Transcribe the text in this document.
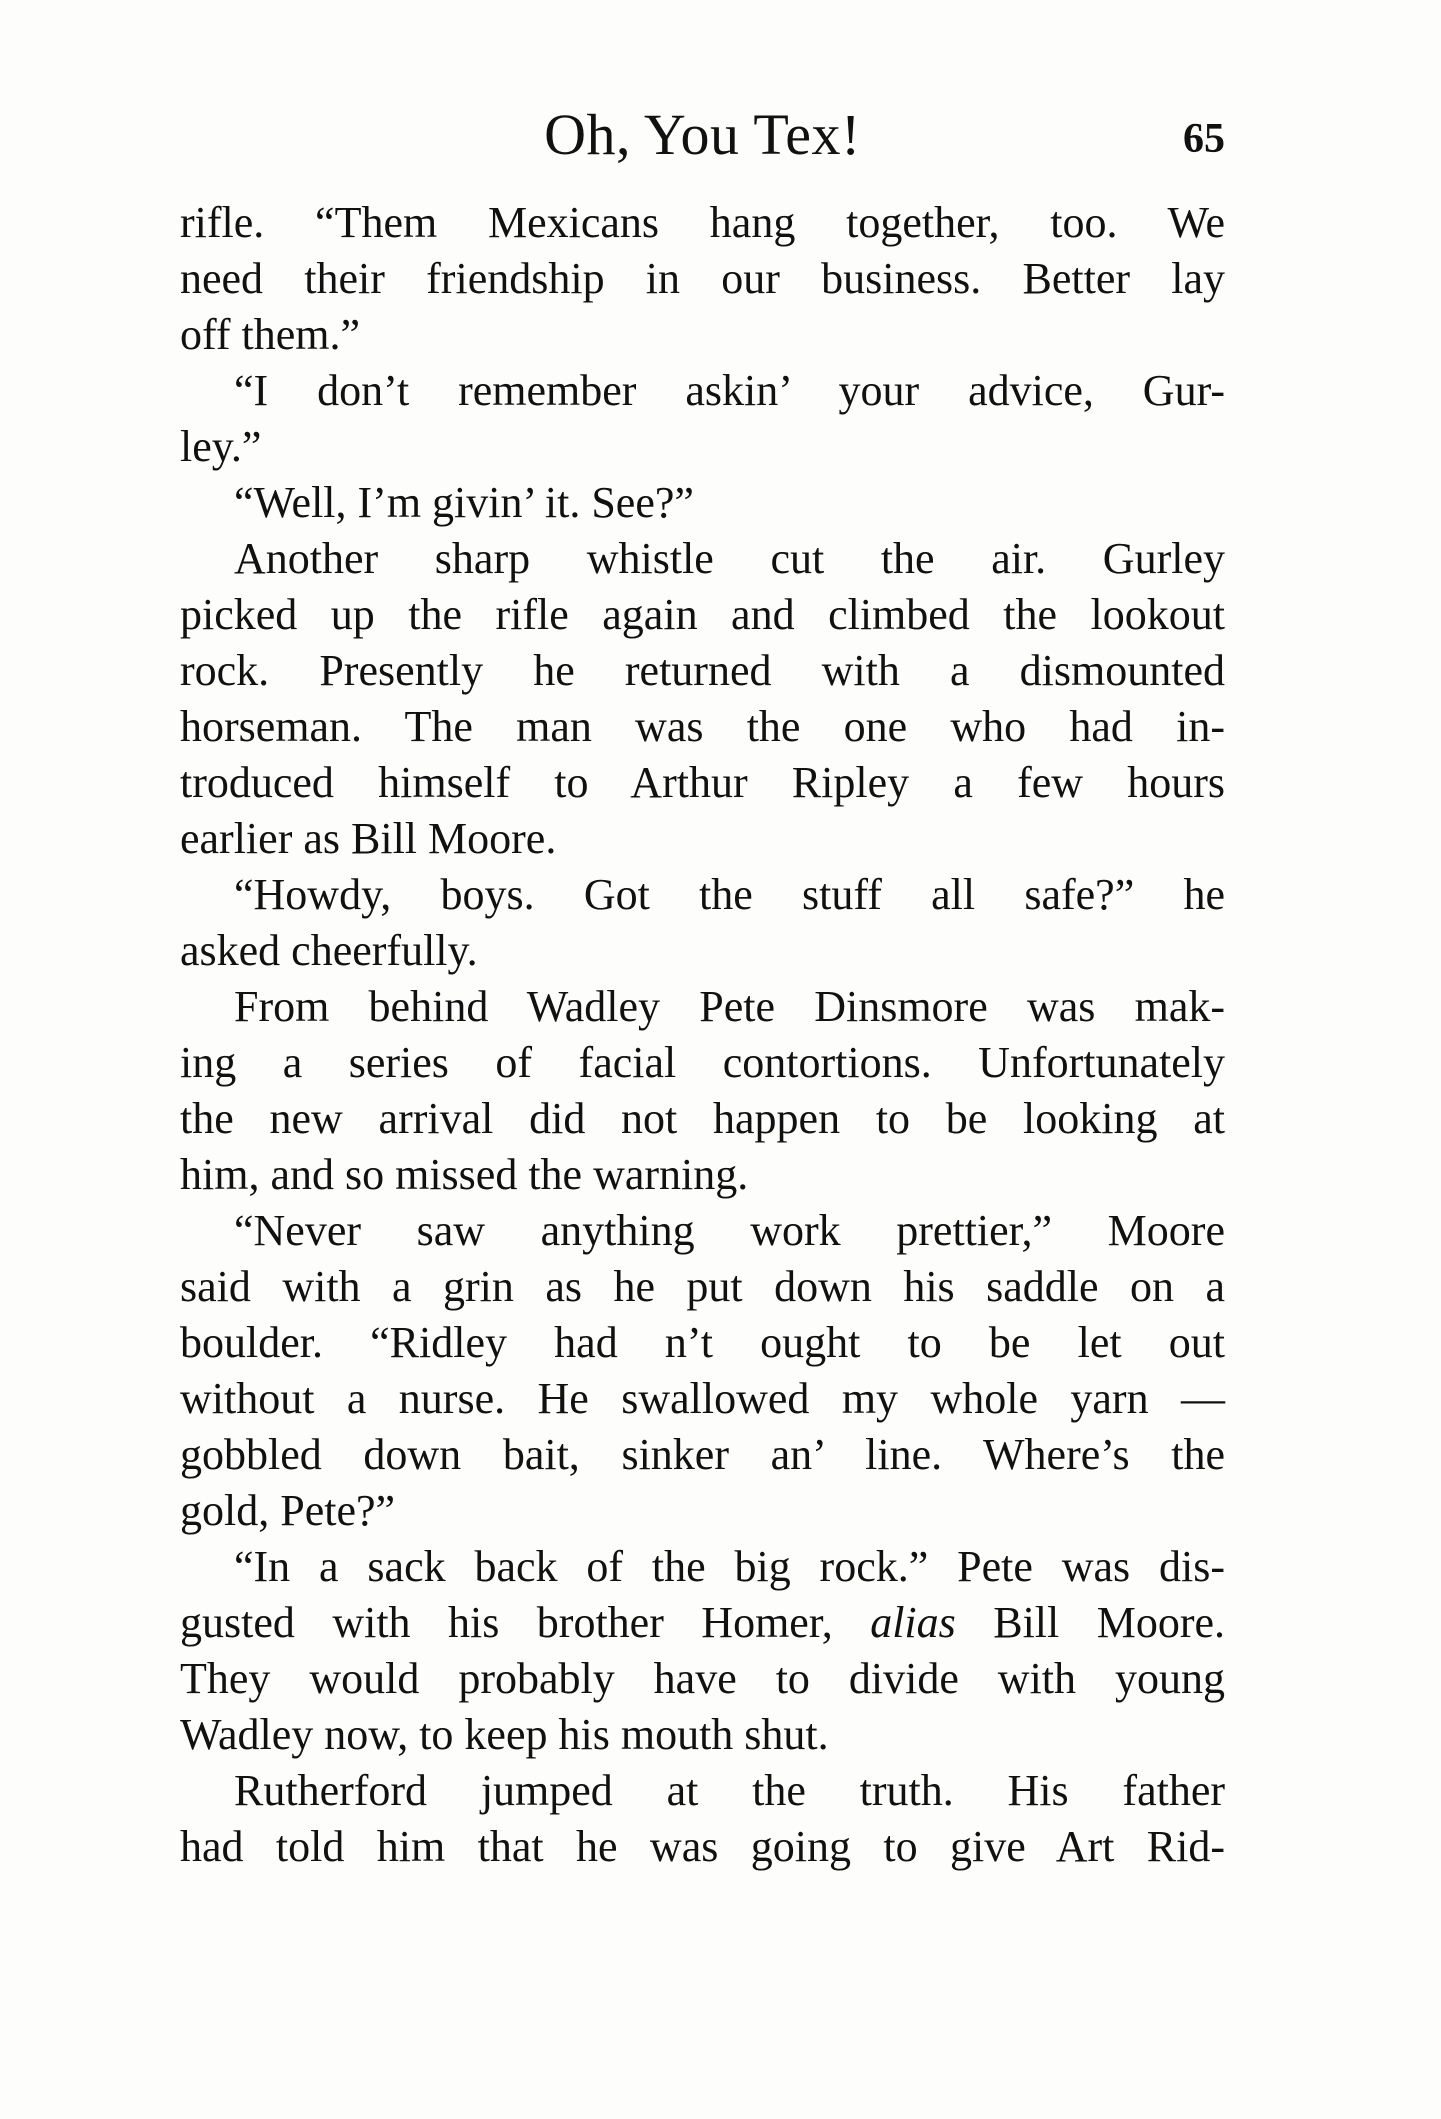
Oh, You Tex!	65
rifle. “Them Mexicans hang together, too. We
need their friendship in our business. Better lay
off them.”
“I don’t remember askin’ your advice, Gur-
ley.”
“Well, I’m givin’ it. See?”
Another sharp whistle cut the air. Gurley
picked up the rifle again and climbed the lookout
rock. Presently he returned with a dismounted
horseman. The man was the one who had in-
troduced himself to Arthur Ripley a few hours
earlier as Bill Moore.
“Howdy, boys. Got the stuff all safe?” he
asked cheerfully.
From behind Wadley Pete Dinsmore was mak-
ing a series of facial contortions. Unfortunately
the new arrival did not happen to be looking at
him, and so missed the warning.
“Never saw anything work prettier,” Moore
said with a grin as he put down his saddle on a
boulder. “Ridley had n’t ought to be let out
without a nurse. He swallowed my whole yarn —
gobbled down bait, sinker an’ line. Where’s the
gold, Pete?”
“In a sack back of the big rock.” Pete was dis-
gusted with his brother Homer, alias Bill Moore.
They would probably have to divide with young
Wadley now, to keep his mouth shut.
Rutherford jumped at the truth. His father
had told him that he was going to give Art Rid-
